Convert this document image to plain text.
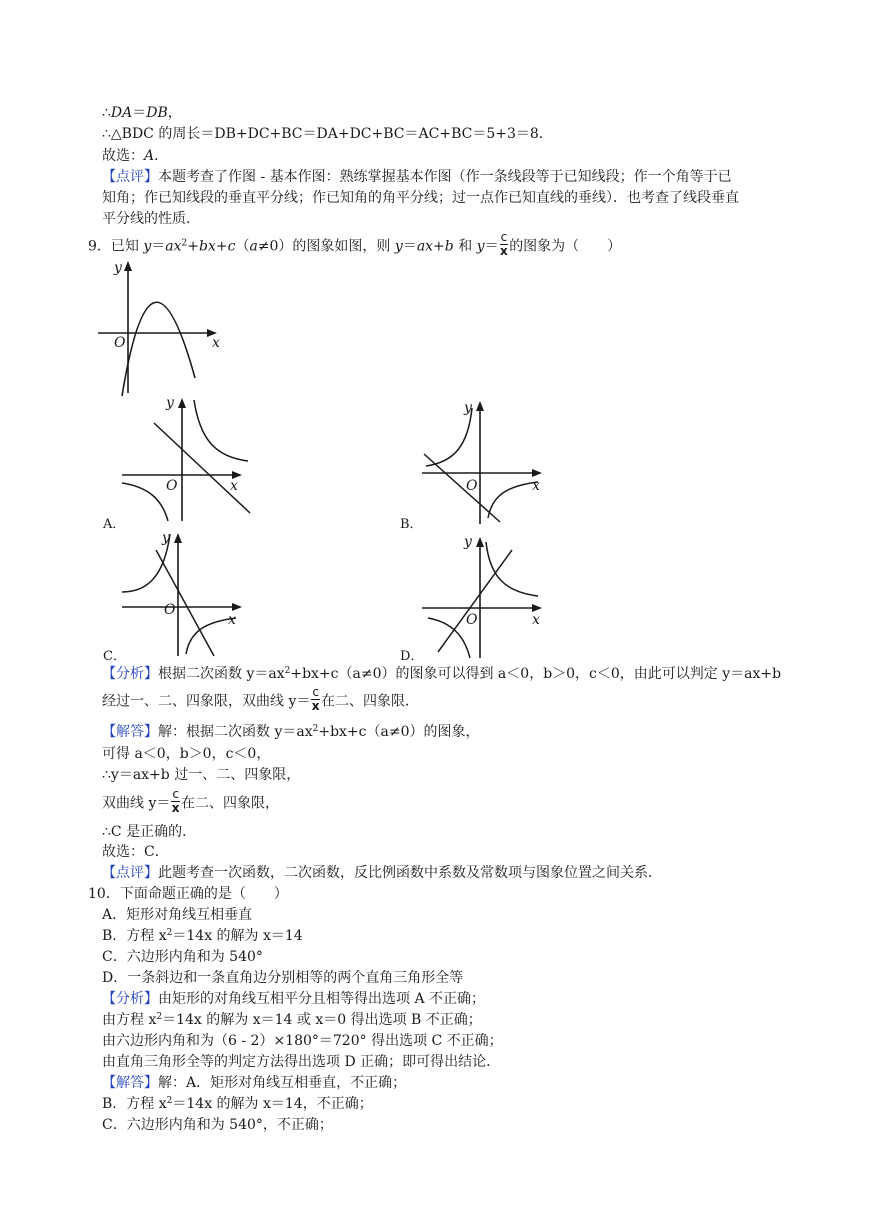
∴DA＝DB，
∴△BDC 的周长＝DB+DC+BC＝DA+DC+BC＝AC+BC＝5+3＝8．
故选：A．
【点评】本题考查了作图 - 基本作图：熟练掌握基本作图（作一条线段等于已知线段；作一个角等于已
知角；作已知线段的垂直平分线；作已知角的角平分线；过一点作已知直线的垂线）．也考查了线段垂直
平分线的性质．
9．已知 $y=ax^2+bx+c(a\ne 0)$的图象如图，则 y＝ax+b 和 $y= \frac{c}{x}$ 的图象为（　　）
y
x
O
y
x
O
A．
y
x
O
B．
y
x
O
C．
y
x
O
D．
【分析】根据二次函数 $y=ax^2+bx+c(a\ne 0)$的图象可以得到 a＜0，b＞0，c＜0，由此可以判定 y＝ax+b
经过一、二、四象限，双曲线 $y= \frac{c}{x}$ 在二、四象限．
【解答】解：根据二次函数 $y=ax^2+bx+c(a\ne 0)$的图象，
可得 a＜0，b＞0，c＜0，
∴y＝ax+b 过一、二、四象限，
双曲线 $y= \frac{c}{x}$ 在二、四象限，
∴C 是正确的．
故选：C．
【点评】此题考查一次函数，二次函数，反比例函数中系数及常数项与图象位置之间关系．
10．下面命题正确的是（　　）
A．矩形对角线互相垂直
B．方程 $x^2=14x$ 的解为 x＝14
C．六边形内角和为 540°
D．一条斜边和一条直角边分别相等的两个直角三角形全等
【分析】由矩形的对角线互相平分且相等得出选项 A 不正确；
由方程 $x^2=14x$ 的解为 x＝14 或 x＝0 得出选项 B 不正确；
由六边形内角和为（6 - 2）×180°＝720° 得出选项 C 不正确；
由直角三角形全等的判定方法得出选项 D 正确；即可得出结论．
【解答】解：A．矩形对角线互相垂直，不正确；
B．方程 $x^2=14x$ 的解为 x＝14，不正确；
C．六边形内角和为 540°，不正确；
